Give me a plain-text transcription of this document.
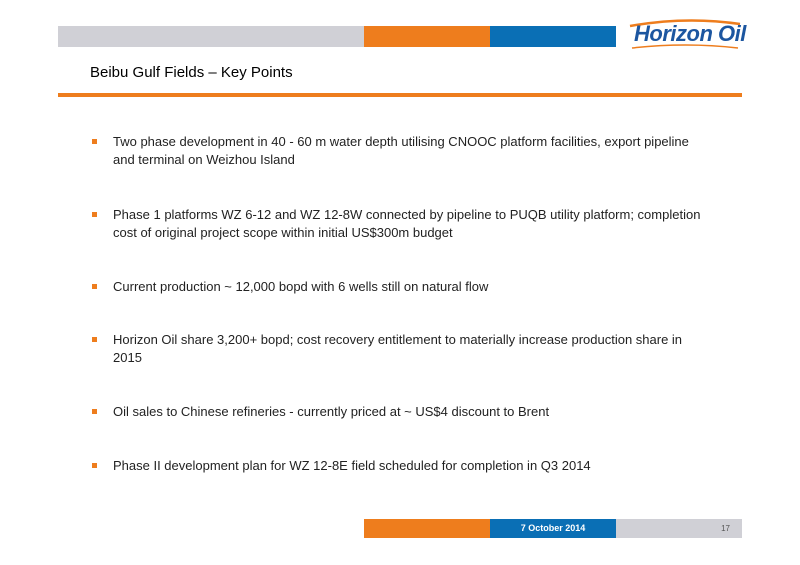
Horizon Oil
Beibu Gulf Fields – Key Points
Two phase development in 40 - 60 m water depth utilising CNOOC platform facilities, export pipeline and terminal on Weizhou Island
Phase 1 platforms WZ 6-12 and WZ 12-8W connected by pipeline to PUQB utility platform; completion cost of original project scope within initial US$300m budget
Current production ~ 12,000 bopd with 6 wells still on natural flow
Horizon Oil share 3,200+ bopd; cost recovery entitlement to materially increase production share in 2015
Oil sales to Chinese refineries - currently priced at ~ US$4 discount to Brent
Phase II development plan for WZ 12-8E field scheduled for completion in Q3 2014
7 October 2014	17
